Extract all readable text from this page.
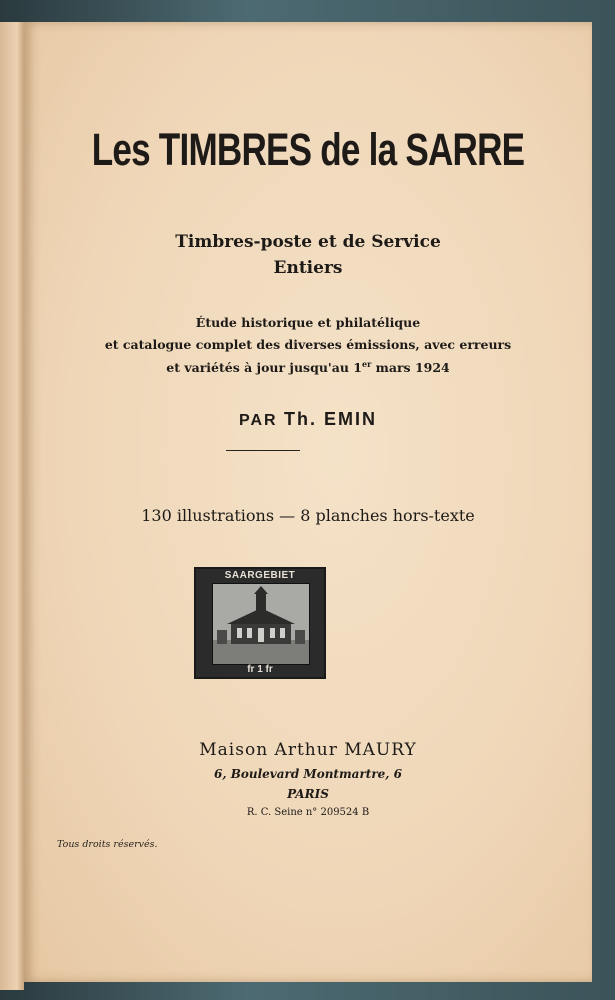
Les TIMBRES de la SARRE
Timbres-poste et de Service
Entiers
Étude historique et philatélique
et catalogue complet des diverses émissions, avec erreurs
et variétés à jour jusqu'au 1er mars 1924
PAR Th. EMIN
130 illustrations — 8 planches hors-texte
SAARGEBIET
fr 1 fr
Maison Arthur MAURY
6, Boulevard Montmartre, 6
PARIS
R. C. Seine n° 209524 B
Tous droits réservés.
